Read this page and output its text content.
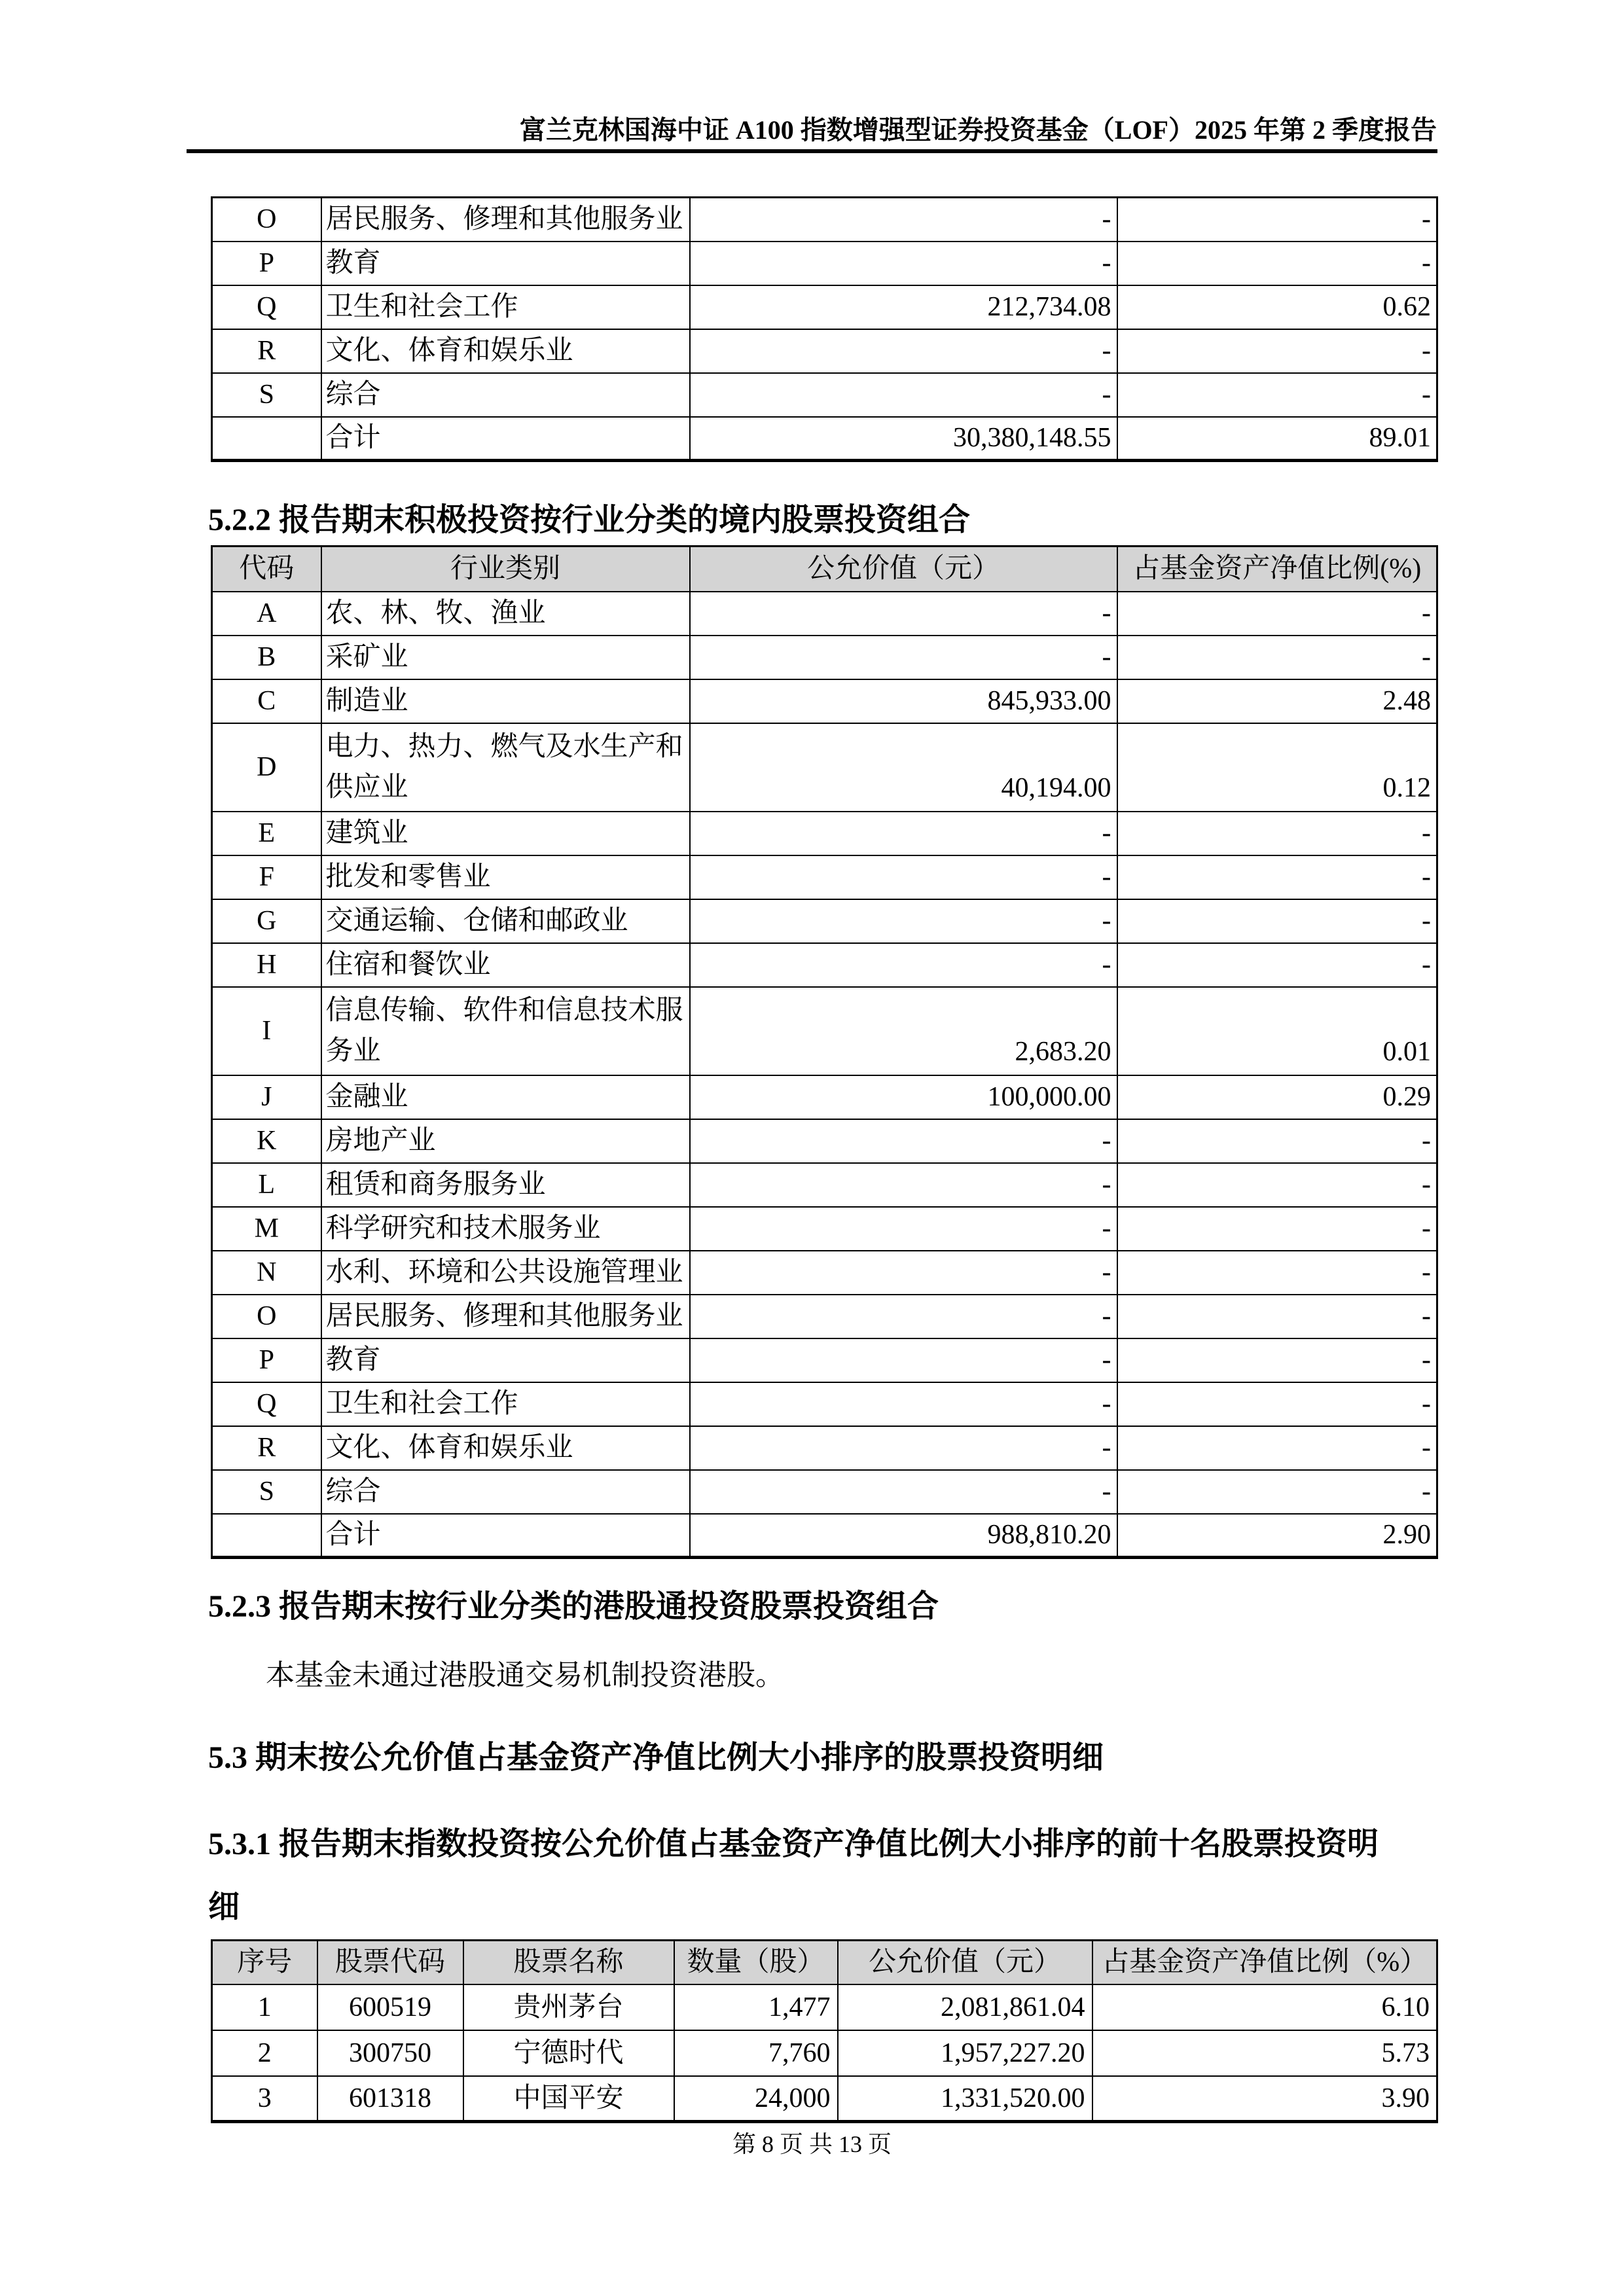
富兰克林国海中证 A100 指数增强型证券投资基金（LOF）2025 年第 2 季度报告
O	居民服务、修理和其他服务业	-	-
P	教育	-	-
Q	卫生和社会工作	212,734.08	0.62
R	文化、体育和娱乐业	-	-
S	综合	-	-
	合计	30,380,148.55	89.01
5.2.2 报告期末积极投资按行业分类的境内股票投资组合
代码	行业类别	公允价值（元）	占基金资产净值比例(%)
A	农、林、牧、渔业	-	-
B	采矿业	-	-
C	制造业	845,933.00	2.48
D	电力、热力、燃气及水生产和供应业	40,194.00	0.12
E	建筑业	-	-
F	批发和零售业	-	-
G	交通运输、仓储和邮政业	-	-
H	住宿和餐饮业	-	-
I	信息传输、软件和信息技术服务业	2,683.20	0.01
J	金融业	100,000.00	0.29
K	房地产业	-	-
L	租赁和商务服务业	-	-
M	科学研究和技术服务业	-	-
N	水利、环境和公共设施管理业	-	-
O	居民服务、修理和其他服务业	-	-
P	教育	-	-
Q	卫生和社会工作	-	-
R	文化、体育和娱乐业	-	-
S	综合	-	-
	合计	988,810.20	2.90
5.2.3 报告期末按行业分类的港股通投资股票投资组合

本基金未通过港股通交易机制投资港股。

5.3 期末按公允价值占基金资产净值比例大小排序的股票投资明细
5.3.1 报告期末指数投资按公允价值占基金资产净值比例大小排序的前十名股票投资明细
序号	股票代码	股票名称	数量（股）	公允价值（元）	占基金资产净值比例（%）
1	600519	贵州茅台	1,477	2,081,861.04	6.10
2	300750	宁德时代	7,760	1,957,227.20	5.73
3	601318	中国平安	24,000	1,331,520.00	3.90
第 8 页 共 13 页
